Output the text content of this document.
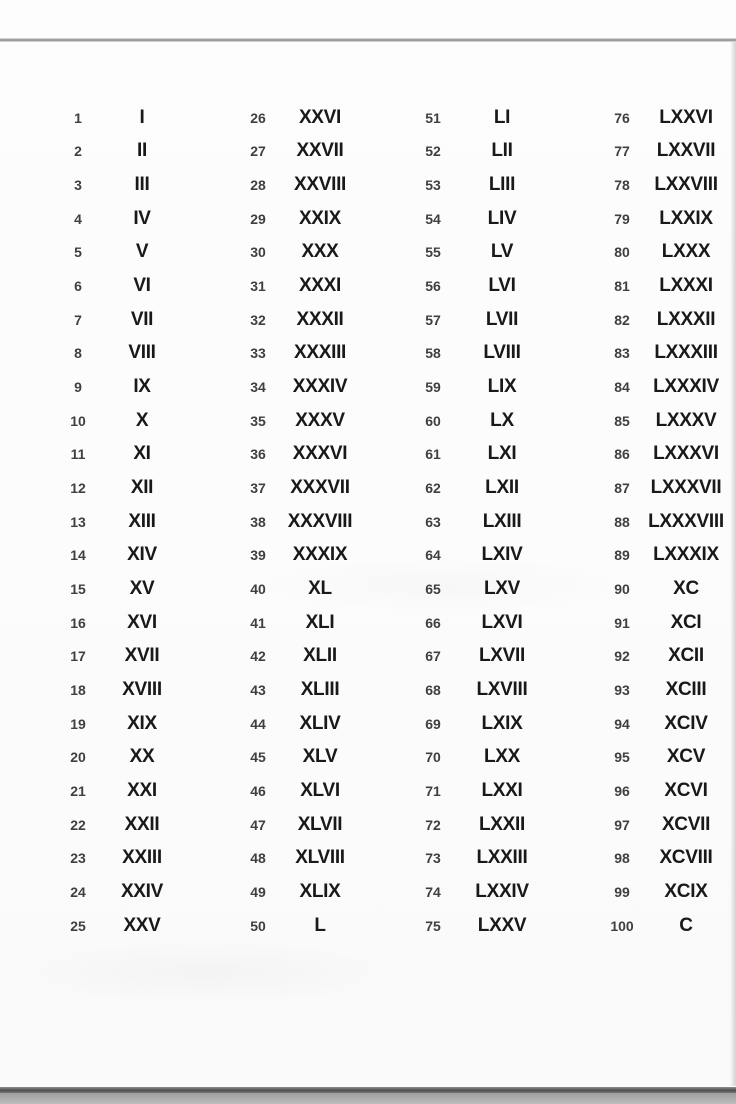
1	I	26	XXVI	51	LI	76	LXXVI
2	II	27	XXVII	52	LII	77	LXXVII
3	III	28	XXVIII	53	LIII	78	LXXVIII
4	IV	29	XXIX	54	LIV	79	LXXIX
5	V	30	XXX	55	LV	80	LXXX
6	VI	31	XXXI	56	LVI	81	LXXXI
7	VII	32	XXXII	57	LVII	82	LXXXII
8	VIII	33	XXXIII	58	LVIII	83	LXXXIII
9	IX	34	XXXIV	59	LIX	84	LXXXIV
10	X	35	XXXV	60	LX	85	LXXXV
11	XI	36	XXXVI	61	LXI	86	LXXXVI
12	XII	37	XXXVII	62	LXII	87	LXXXVII
13	XIII	38	XXXVIII	63	LXIII	88 LXXXVIII
14	XIV	39	XXXIX	64	LXIV	89	LXXXIX
15	XV	40	XL	65	LXV	90	XC
16	XVI	41	XLI	66	LXVI	91	XCI
17	XVII	42	XLII	67	LXVII	92	XCII
18	XVIII	43	XLIII	68	LXVIII	93	XCIII
19	XIX	44	XLIV	69	LXIX	94	XCIV
20	XX	45	XLV	70	LXX	95	XCV
21	XXI	46	XLVI	71	LXXI	96	XCVI
22	XXII	47	XLVII	72	LXXII	97	XCVII
23	XXIII	48	XLVIII	73	LXXIII	98	XCVIII
24	XXIV	49	XLIX	74	LXXIV	99	XCIX
25	XXV	50	L	75	LXXV	100	C
